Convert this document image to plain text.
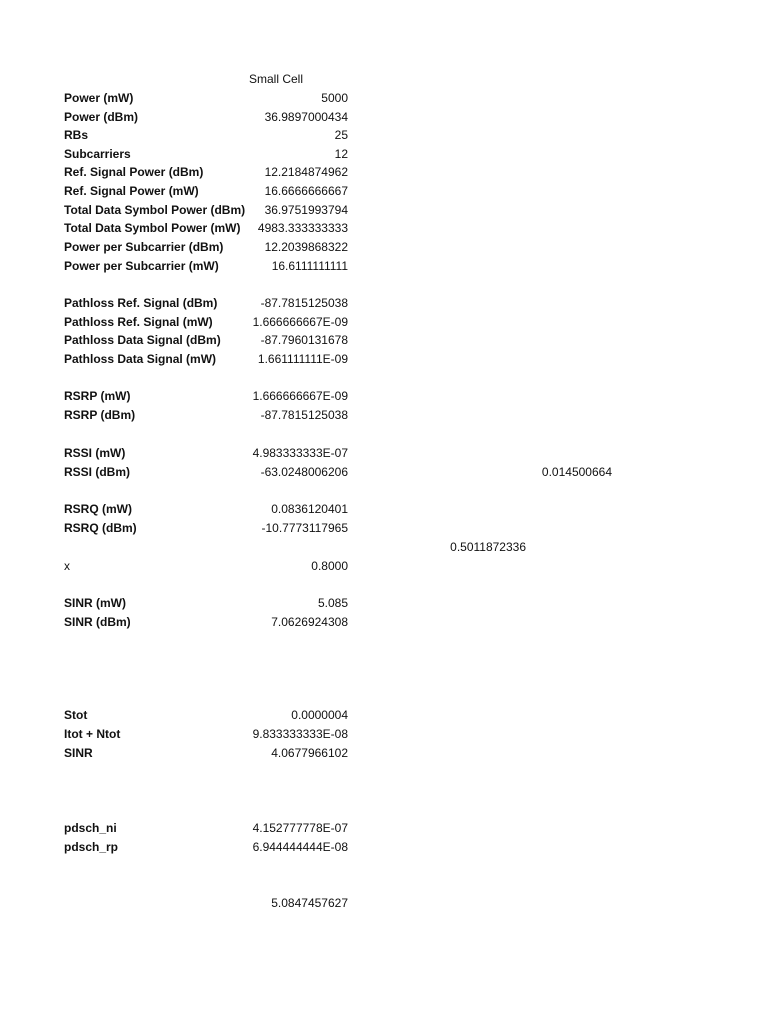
Small Cell
Power (mW)	5000
Power (dBm)	36.9897000434
RBs	25
Subcarriers	12
Ref. Signal Power (dBm)	12.2184874962
Ref. Signal Power (mW)	16.6666666667
Total Data Symbol Power (dBm)	36.9751993794
Total Data Symbol Power (mW)	4983.333333333
Power per Subcarrier (dBm)	12.2039868322
Power per Subcarrier (mW)	16.6111111111
Pathloss Ref. Signal (dBm)	-87.7815125038
Pathloss Ref. Signal (mW)	1.666666667E-09
Pathloss Data Signal (dBm)	-87.7960131678
Pathloss Data Signal (mW)	1.661111111E-09
RSRP (mW)	1.666666667E-09
RSRP (dBm)	-87.7815125038
RSSI (mW)	4.983333333E-07
RSSI (dBm)	-63.0248006206	0.014500664
RSRQ (mW)	0.0836120401
RSRQ (dBm)	-10.7773117965
0.5011872336
x	0.8000
SINR (mW)	5.085
SINR (dBm)	7.0626924308
Stot	0.0000004
Itot + Ntot	9.833333333E-08
SINR	4.0677966102
pdsch_ni	4.152777778E-07
pdsch_rp	6.944444444E-08
5.0847457627
